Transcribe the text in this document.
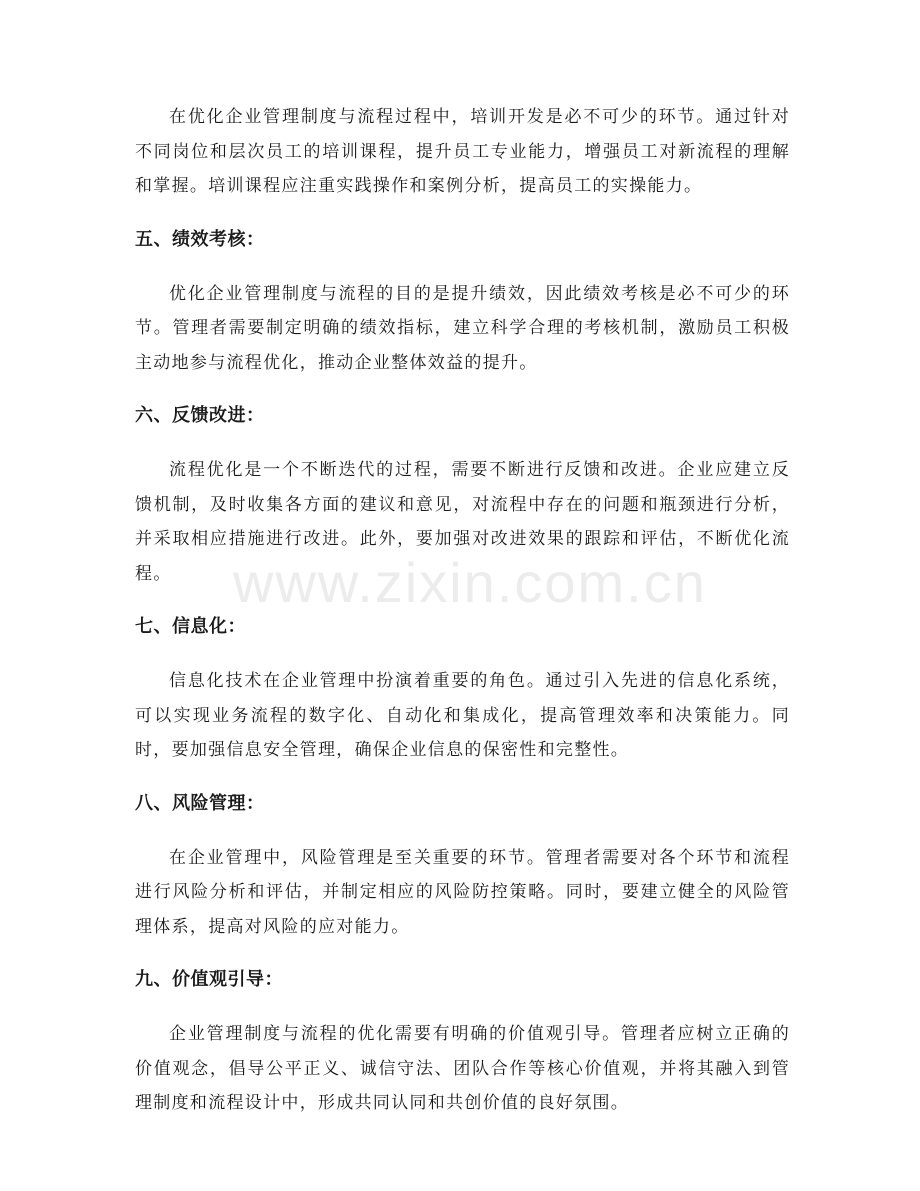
在优化企业管理制度与流程过程中，培训开发是必不可少的环节。通过针对不同岗位和层次员工的培训课程，提升员工专业能力，增强员工对新流程的理解和掌握。培训课程应注重实践操作和案例分析，提高员工的实操能力。

五、绩效考核：

优化企业管理制度与流程的目的是提升绩效，因此绩效考核是必不可少的环节。管理者需要制定明确的绩效指标，建立科学合理的考核机制，激励员工积极主动地参与流程优化，推动企业整体效益的提升。

六、反馈改进：

流程优化是一个不断迭代的过程，需要不断进行反馈和改进。企业应建立反馈机制，及时收集各方面的建议和意见，对流程中存在的问题和瓶颈进行分析，并采取相应措施进行改进。此外，要加强对改进效果的跟踪和评估，不断优化流程。

七、信息化：

信息化技术在企业管理中扮演着重要的角色。通过引入先进的信息化系统，可以实现业务流程的数字化、自动化和集成化，提高管理效率和决策能力。同时，要加强信息安全管理，确保企业信息的保密性和完整性。

八、风险管理：

在企业管理中，风险管理是至关重要的环节。管理者需要对各个环节和流程进行风险分析和评估，并制定相应的风险防控策略。同时，要建立健全的风险管理体系，提高对风险的应对能力。

九、价值观引导：

企业管理制度与流程的优化需要有明确的价值观引导。管理者应树立正确的价值观念，倡导公平正义、诚信守法、团队合作等核心价值观，并将其融入到管理制度和流程设计中，形成共同认同和共创价值的良好氛围。

www.zixin.com.cn
